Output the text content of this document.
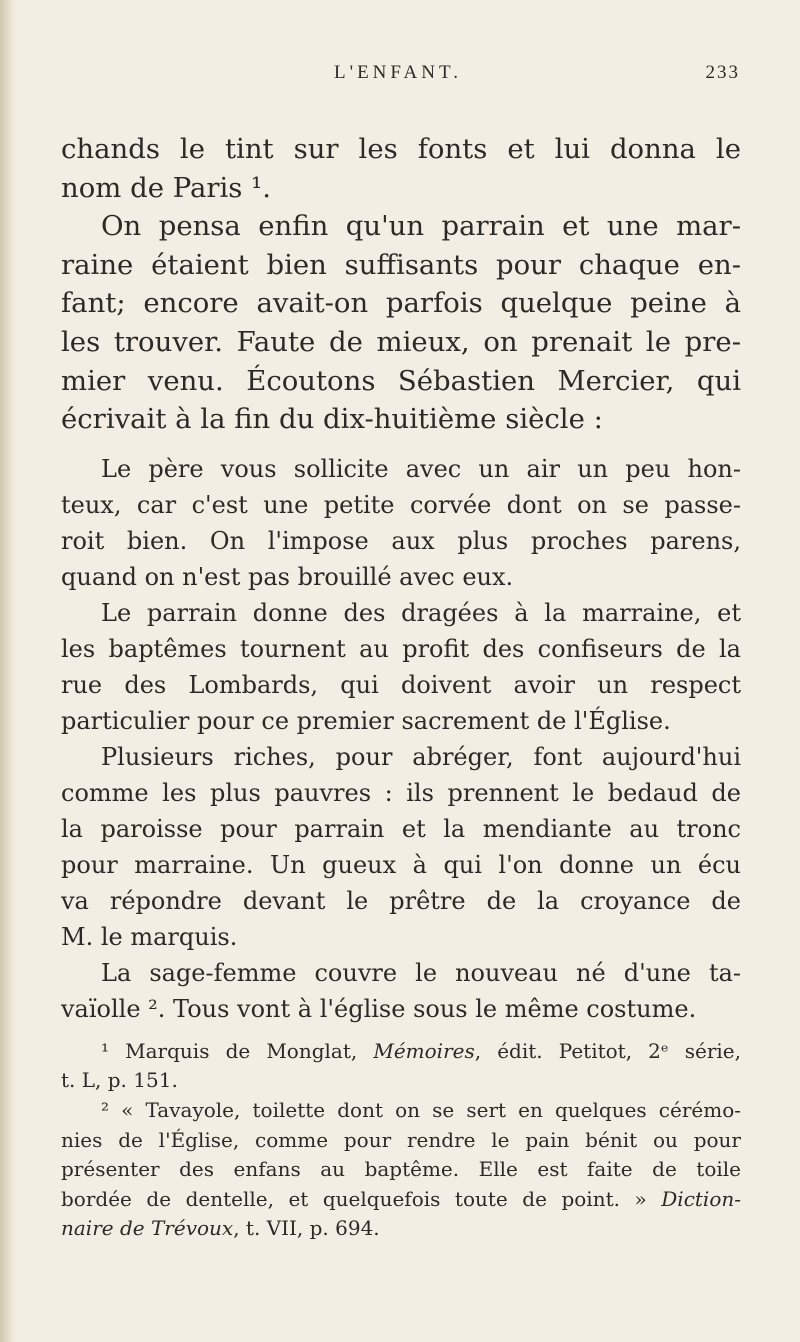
L'ENFANT.	233
chands le tint sur les fonts et lui donna le
nom de Paris ¹.
On pensa enfin qu'un parrain et une mar-
raine étaient bien suffisants pour chaque en-
fant; encore avait-on parfois quelque peine à
les trouver. Faute de mieux, on prenait le pre-
mier venu. Écoutons Sébastien Mercier, qui
écrivait à la fin du dix-huitième siècle :
Le père vous sollicite avec un air un peu hon-
teux, car c'est une petite corvée dont on se passe-
roit bien. On l'impose aux plus proches parens,
quand on n'est pas brouillé avec eux.
Le parrain donne des dragées à la marraine, et
les baptêmes tournent au profit des confiseurs de la
rue des Lombards, qui doivent avoir un respect
particulier pour ce premier sacrement de l'Église.
Plusieurs riches, pour abréger, font aujourd'hui
comme les plus pauvres : ils prennent le bedaud de
la paroisse pour parrain et la mendiante au tronc
pour marraine. Un gueux à qui l'on donne un écu
va répondre devant le prêtre de la croyance de
M. le marquis.
La sage-femme couvre le nouveau né d'une ta-
vaïolle ². Tous vont à l'église sous le même costume.
¹ Marquis de Monglat, Mémoires, édit. Petitot, 2ᵉ série,
t. L, p. 151.
² « Tavayole, toilette dont on se sert en quelques cérémo-
nies de l'Église, comme pour rendre le pain bénit ou pour
présenter des enfans au baptême. Elle est faite de toile
bordée de dentelle, et quelquefois toute de point. » Diction-
naire de Trévoux, t. VII, p. 694.
